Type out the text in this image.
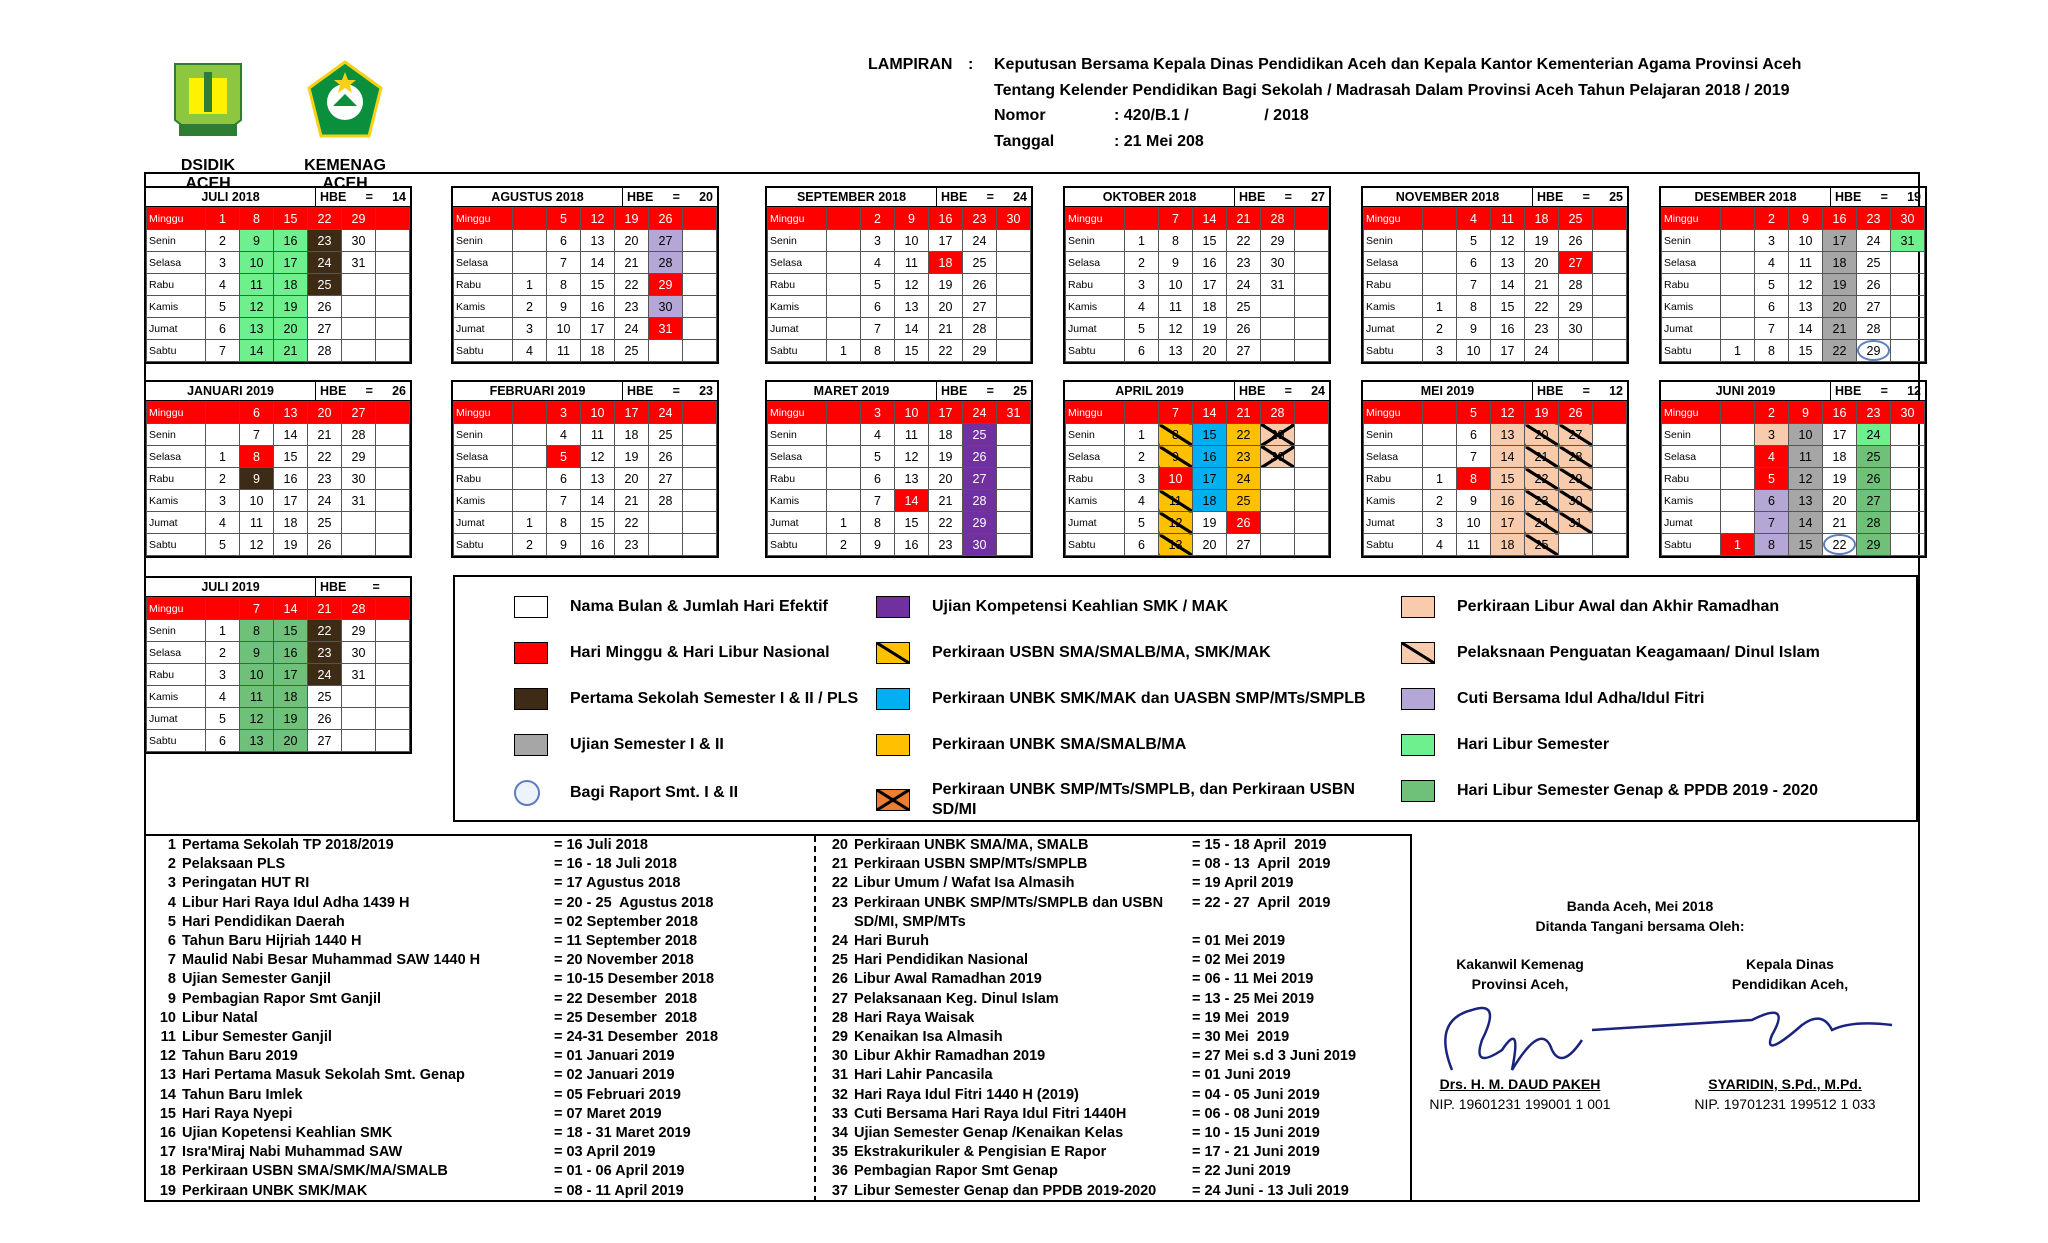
DSIDIK ACEH
KEMENAG ACEH
LAMPIRAN :	Keputusan Bersama Kepala Dinas Pendidikan Aceh dan Kepala Kantor Kementerian Agama Provinsi Aceh
Tentang Kelender Pendidikan Bagi Sekolah / Madrasah Dalam Provinsi Aceh Tahun Pelajaran 2018 / 2019
Nomor	: 420/B.1 /                 / 2018
Tanggal	: 21 Mei 208
JULI 2018	HBE = 14
Minggu	1	8	15	22	29	
Senin	2	9	16	23	30	
Selasa	3	10	17	24	31	
Rabu	4	11	18	25		
Kamis	5	12	19	26		
Jumat	6	13	20	27		
Sabtu	7	14	21	28		
AGUSTUS 2018	HBE = 20
Minggu		5	12	19	26	
Senin		6	13	20	27	
Selasa		7	14	21	28	
Rabu	1	8	15	22	29	
Kamis	2	9	16	23	30	
Jumat	3	10	17	24	31	
Sabtu	4	11	18	25		
SEPTEMBER 2018	HBE = 24
Minggu		2	9	16	23	30
Senin		3	10	17	24	
Selasa		4	11	18	25	
Rabu		5	12	19	26	
Kamis		6	13	20	27	
Jumat		7	14	21	28	
Sabtu	1	8	15	22	29	
OKTOBER 2018	HBE = 27
Minggu		7	14	21	28	
Senin	1	8	15	22	29	
Selasa	2	9	16	23	30	
Rabu	3	10	17	24	31	
Kamis	4	11	18	25		
Jumat	5	12	19	26		
Sabtu	6	13	20	27		
NOVEMBER 2018	HBE = 25
Minggu		4	11	18	25	
Senin		5	12	19	26	
Selasa		6	13	20	27	
Rabu		7	14	21	28	
Kamis	1	8	15	22	29	
Jumat	2	9	16	23	30	
Sabtu	3	10	17	24		
DESEMBER 2018	HBE = 19
Minggu		2	9	16	23	30
Senin		3	10	17	24	31
Selasa		4	11	18	25	
Rabu		5	12	19	26	
Kamis		6	13	20	27	
Jumat		7	14	21	28	
Sabtu	1	8	15	22	29	
JANUARI 2019	HBE = 26
Minggu		6	13	20	27	
Senin		7	14	21	28	
Selasa	1	8	15	22	29	
Rabu	2	9	16	23	30	
Kamis	3	10	17	24	31	
Jumat	4	11	18	25		
Sabtu	5	12	19	26		
FEBRUARI 2019	HBE = 23
Minggu		3	10	17	24	
Senin		4	11	18	25	
Selasa		5	12	19	26	
Rabu		6	13	20	27	
Kamis		7	14	21	28	
Jumat	1	8	15	22		
Sabtu	2	9	16	23		
MARET 2019	HBE = 25
Minggu		3	10	17	24	31
Senin		4	11	18	25	
Selasa		5	12	19	26	
Rabu		6	13	20	27	
Kamis		7	14	21	28	
Jumat	1	8	15	22	29	
Sabtu	2	9	16	23	30	
APRIL 2019	HBE = 24
Minggu		7	14	21	28	
Senin	1	8	15	22	29	
Selasa	2	9	16	23	30	
Rabu	3	10	17	24		
Kamis	4	11	18	25		
Jumat	5	12	19	26		
Sabtu	6	13	20	27		
MEI 2019	HBE = 12
Minggu		5	12	19	26	
Senin		6	13	20	27	
Selasa		7	14	21	28	
Rabu	1	8	15	22	29	
Kamis	2	9	16	23	30	
Jumat	3	10	17	24	31	
Sabtu	4	11	18	25		
JUNI 2019	HBE = 12
Minggu		2	9	16	23	30
Senin		3	10	17	24	
Selasa		4	11	18	25	
Rabu		5	12	19	26	
Kamis		6	13	20	27	
Jumat		7	14	21	28	
Sabtu	1	8	15	22	29	
JULI 2019	HBE =
Minggu		7	14	21	28	
Senin	1	8	15	22	29	
Selasa	2	9	16	23	30	
Rabu	3	10	17	24	31	
Kamis	4	11	18	25		
Jumat	5	12	19	26		
Sabtu	6	13	20	27		
Nama Bulan & Jumlah Hari Efektif
Hari Minggu & Hari Libur Nasional
Pertama Sekolah Semester I & II / PLS
Ujian Semester I & II
Bagi Raport Smt. I & II
Ujian Kompetensi Keahlian SMK / MAK
Perkiraan USBN SMA/SMALB/MA, SMK/MAK
Perkiraan UNBK SMK/MAK dan UASBN SMP/MTs/SMPLB
Perkiraan UNBK SMA/SMALB/MA
Perkiraan UNBK SMP/MTs/SMPLB, dan Perkiraan USBN SD/MI
Perkiraan Libur Awal dan Akhir Ramadhan
Pelaksnaan Penguatan Keagamaan/ Dinul Islam
Cuti Bersama Idul Adha/Idul Fitri
Hari Libur Semester
Hari Libur Semester Genap & PPDB 2019 - 2020
1 Pertama Sekolah TP 2018/2019	= 16 Juli 2018
2 Pelaksaan PLS	= 16 - 18 Juli 2018
3 Peringatan HUT RI	= 17 Agustus 2018
4 Libur Hari Raya Idul Adha 1439 H	= 20 - 25  Agustus 2018
5 Hari Pendidikan Daerah	= 02 September 2018
6 Tahun Baru Hijriah 1440 H	= 11 September 2018
7 Maulid Nabi Besar Muhammad SAW 1440 H	= 20 November 2018
8 Ujian Semester Ganjil	= 10-15 Desember 2018
9 Pembagian Rapor Smt Ganjil	= 22 Desember  2018
10 Libur Natal	= 25 Desember  2018
11 Libur Semester Ganjil	= 24-31 Desember  2018
12 Tahun Baru 2019	= 01 Januari 2019
13 Hari Pertama Masuk Sekolah Smt. Genap	= 02 Januari 2019
14 Tahun Baru Imlek	= 05 Februari 2019
15 Hari Raya Nyepi	= 07 Maret 2019
16 Ujian Kopetensi Keahlian SMK	= 18 - 31 Maret 2019
17 Isra'Miraj Nabi Muhammad SAW	= 03 April 2019
18 Perkiraan USBN SMA/SMK/MA/SMALB	= 01 - 06 April 2019
19 Perkiraan UNBK SMK/MAK	= 08 - 11 April 2019
20 Perkiraan UNBK SMA/MA, SMALB	= 15 - 18 April  2019
21 Perkiraan USBN SMP/MTs/SMPLB	= 08 - 13  April  2019
22 Libur Umum / Wafat Isa Almasih	= 19 April 2019
23 Perkiraan UNBK SMP/MTs/SMPLB dan USBN	= 22 - 27  April  2019
SD/MI, SMP/MTs
24 Hari Buruh	= 01 Mei 2019
25 Hari Pendidikan Nasional	= 02 Mei 2019
26 Libur Awal Ramadhan 2019	= 06 - 11 Mei 2019
27 Pelaksanaan Keg. Dinul Islam	= 13 - 25 Mei 2019
28 Hari Raya Waisak	= 19 Mei  2019
29 Kenaikan Isa Almasih	= 30 Mei  2019
30 Libur Akhir Ramadhan 2019	= 27 Mei s.d 3 Juni 2019
31 Hari Lahir Pancasila	= 01 Juni 2019
32 Hari Raya Idul Fitri 1440 H (2019)	= 04 - 05 Juni 2019
33 Cuti Bersama Hari Raya Idul Fitri 1440H	= 06 - 08 Juni 2019
34 Ujian Semester Genap /Kenaikan Kelas	= 10 - 15 Juni 2019
35 Ekstrakurikuler & Pengisian E Rapor	= 17 - 21 Juni 2019
36 Pembagian Rapor Smt Genap	= 22 Juni 2019
37 Libur Semester Genap dan PPDB 2019-2020	= 24 Juni - 13 Juli 2019
Banda Aceh, Mei 2018
Ditanda Tangani bersama Oleh:
Kakanwil Kemenag
Provinsi Aceh,
Kepala Dinas
Pendidikan Aceh,
Drs. H. M. DAUD PAKEH
NIP. 19601231 199001 1 001
SYARIDIN, S.Pd., M.Pd.
NIP. 19701231 199512 1 033
